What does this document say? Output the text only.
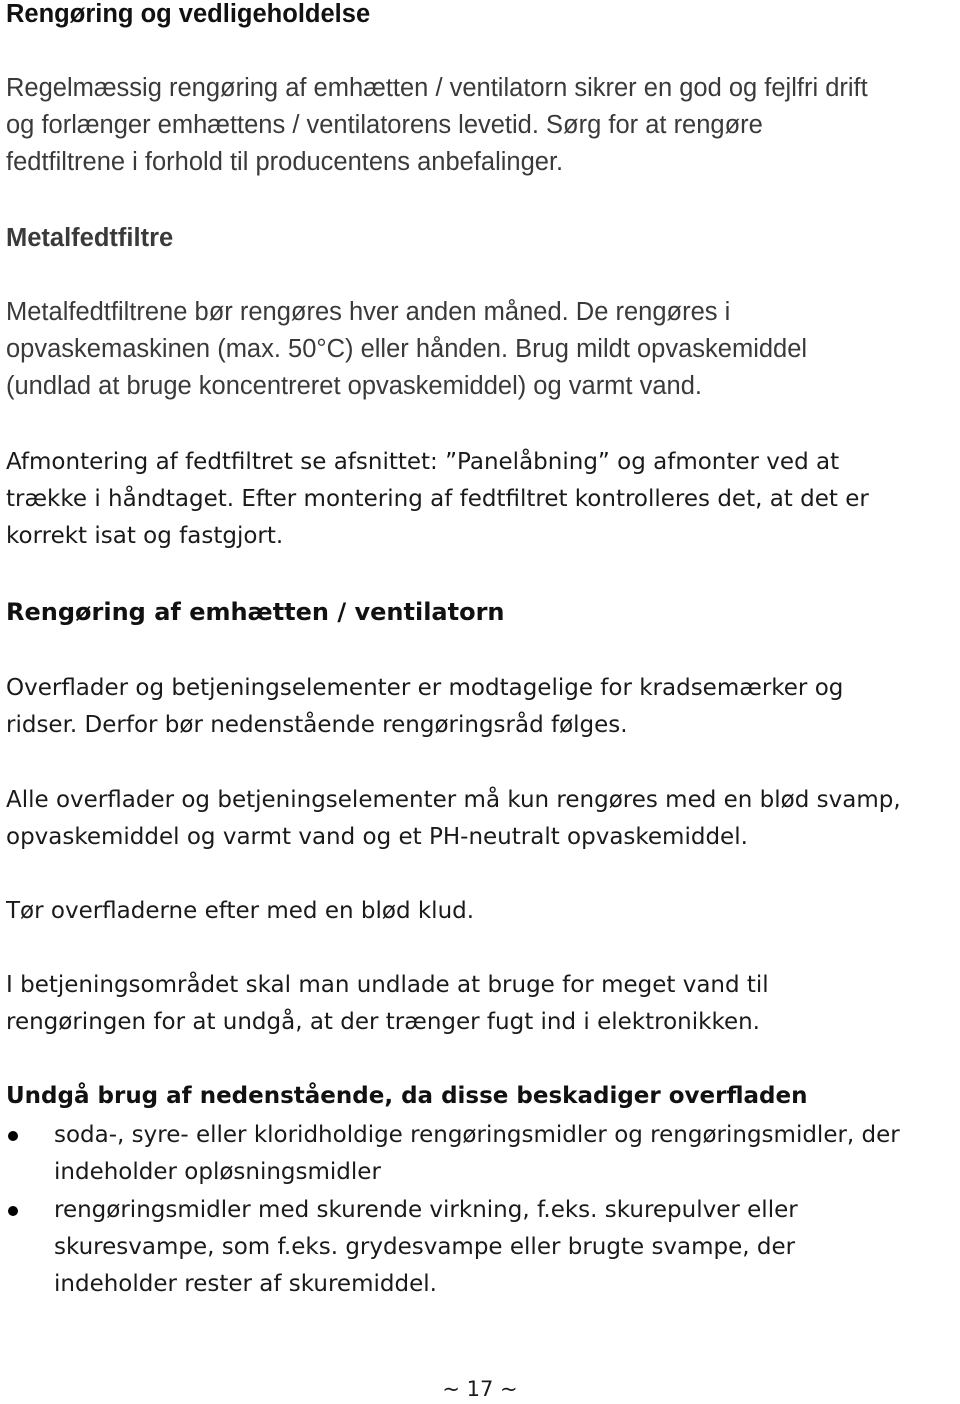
Rengøring og vedligeholdelse

Regelmæssig rengøring af emhætten / ventilatorn sikrer en god og fejlfri drift
og forlænger emhættens / ventilatorens levetid. Sørg for at rengøre
fedtfiltrene i forhold til producentens anbefalinger.

Metalfedtfiltre

Metalfedtfiltrene bør rengøres hver anden måned. De rengøres i
opvaskemaskinen (max. 50°C) eller hånden. Brug mildt opvaskemiddel
(undlad at bruge koncentreret opvaskemiddel) og varmt vand.

Afmontering af fedtfiltret se afsnittet: ”Panelåbning” og afmonter ved at
trække i håndtaget. Efter montering af fedtfiltret kontrolleres det, at det er
korrekt isat og fastgjort.

Rengøring af emhætten / ventilatorn

Overflader og betjeningselementer er modtagelige for kradsemærker og
ridser. Derfor bør nedenstående rengøringsråd følges.

Alle overflader og betjeningselementer må kun rengøres med en blød svamp,
opvaskemiddel og varmt vand og et PH-neutralt opvaskemiddel.

Tør overfladerne efter med en blød klud.

I betjeningsområdet skal man undlade at bruge for meget vand til
rengøringen for at undgå, at der trænger fugt ind i elektronikken.

Undgå brug af nedenstående, da disse beskadiger overfladen
soda-, syre- eller kloridholdige rengøringsmidler og rengøringsmidler, der
indeholder opløsningsmidler
rengøringsmidler med skurende virkning, f.eks. skurepulver eller
skuresvampe, som f.eks. grydesvampe eller brugte svampe, der
indeholder rester af skuremiddel.
~ 17 ~
